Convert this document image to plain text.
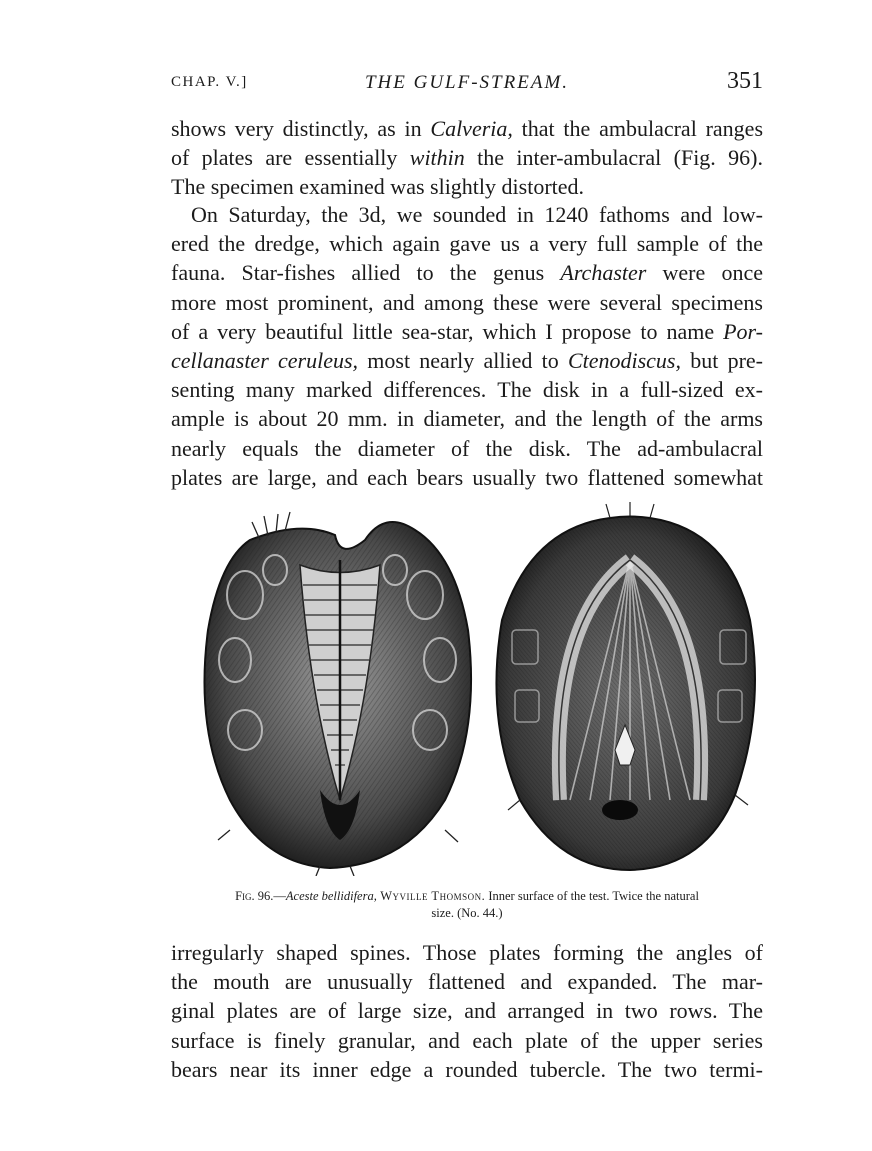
CHAP. V.]	THE GULF-STREAM.	351

shows very distinctly, as in Calveria, that the ambulacral ranges
of plates are essentially within the inter-ambulacral (Fig. 96).
The specimen examined was slightly distorted.

On Saturday, the 3d, we sounded in 1240 fathoms and low-
ered the dredge, which again gave us a very full sample of the
fauna. Star-fishes allied to the genus Archaster were once
more most prominent, and among these were several specimens
of a very beautiful little sea-star, which I propose to name Por-
cellanaster ceruleus, most nearly allied to Ctenodiscus, but pre-
senting many marked differences. The disk in a full-sized ex-
ample is about 20 mm. in diameter, and the length of the arms
nearly equals the diameter of the disk. The ad-ambulacral
plates are large, and each bears usually two flattened somewhat

Fig. 96.—Aceste bellidifera, Wyville Thomson. Inner surface of the test. Twice the natural
size. (No. 44.)

irregularly shaped spines. Those plates forming the angles of
the mouth are unusually flattened and expanded. The mar-
ginal plates are of large size, and arranged in two rows. The
surface is finely granular, and each plate of the upper series
bears near its inner edge a rounded tubercle. The two termi-
